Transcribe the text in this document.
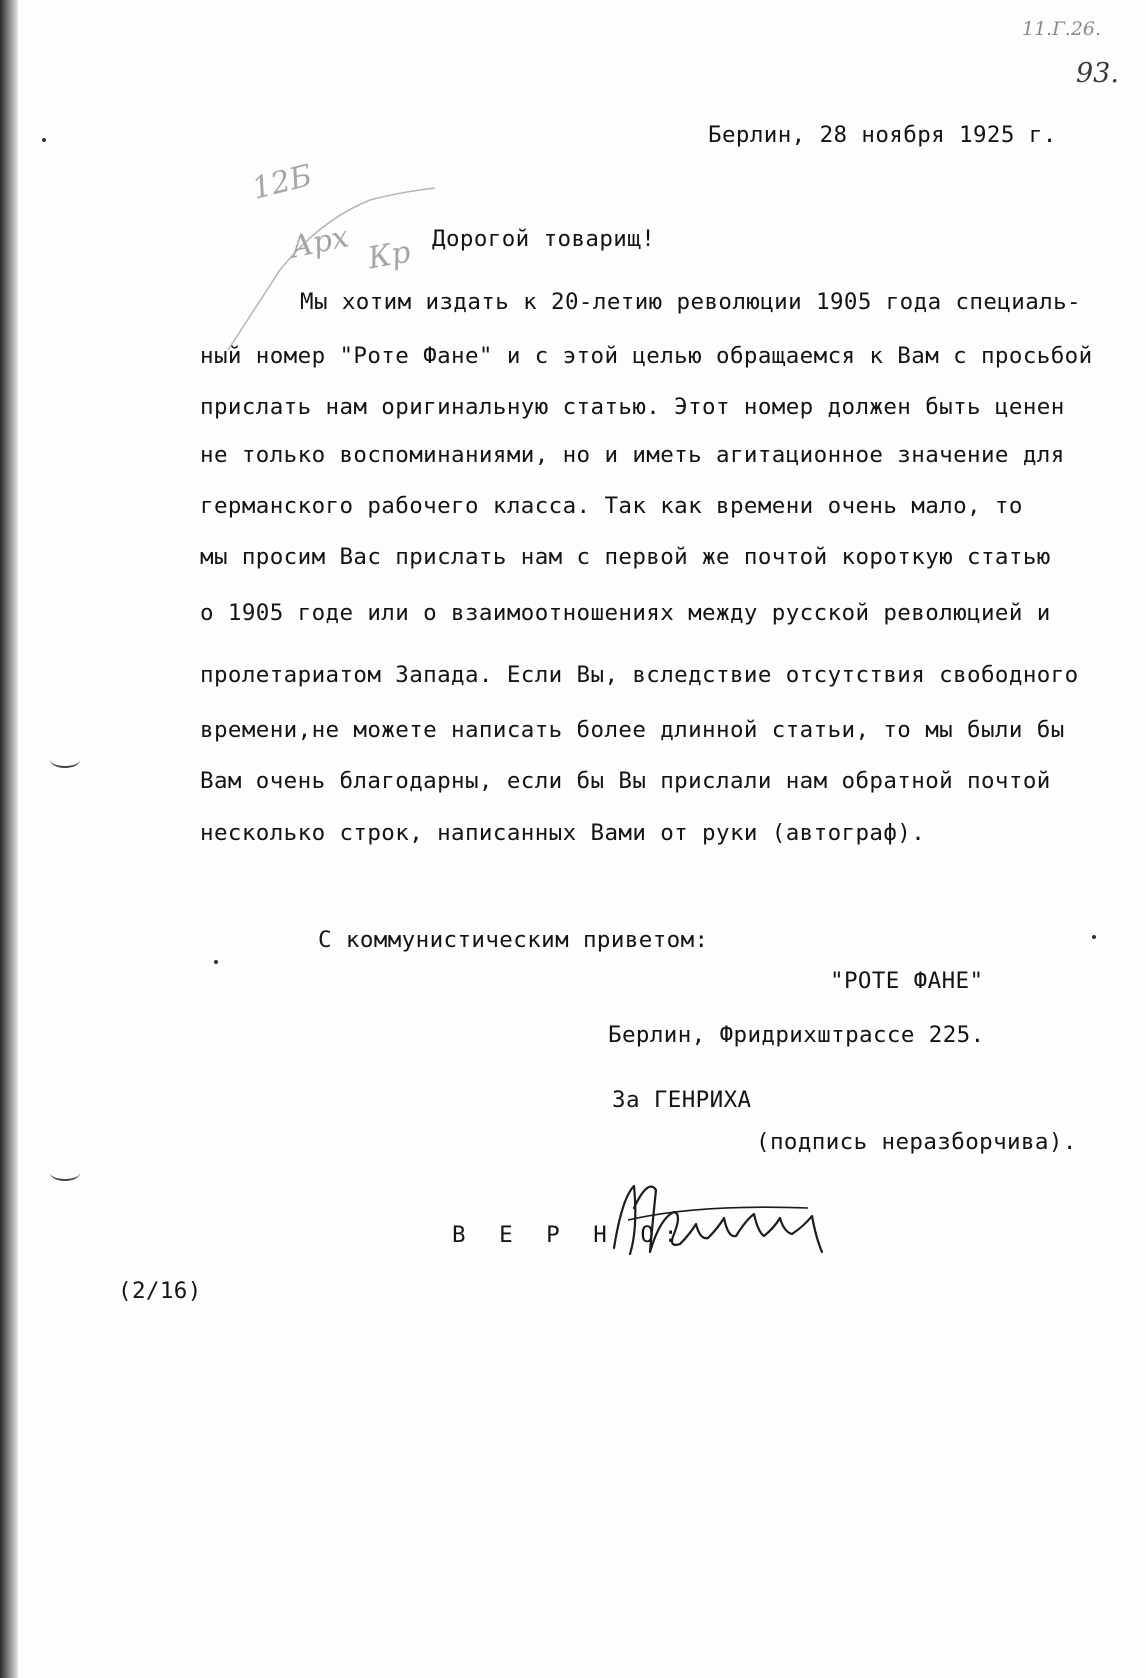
11.Г.26.
93.
12Б
Арх Кр
Берлин, 28 ноября 1925 г.
Дорогой товарищ!
Мы хотим издать к 20-летию революции 1905 года специаль-
ный номер "Роте Фане" и с этой целью обращаемся к Вам с просьбой
прислать нам оригинальную статью. Этот номер должен быть ценен
не только воспоминаниями, но и иметь агитационное значение для
германского рабочего класса. Так как времени очень мало, то
мы просим Вас прислать нам с первой же почтой короткую статью
о 1905 годе или о взаимоотношениях между русской революцией и
пролетариатом Запада. Если Вы, вследствие отсутствия свободного
времени,не можете написать более длинной статьи, то мы были бы
Вам очень благодарны, если бы Вы прислали нам обратной почтой
несколько строк, написанных Вами от руки (автограф).
С коммунистическим приветом:
"РОТЕ ФАНЕ"
Берлин, Фридрихштрассе 225.
За ГЕНРИХА
(подпись неразборчива).
В Е Р Н О:
(2/16)
